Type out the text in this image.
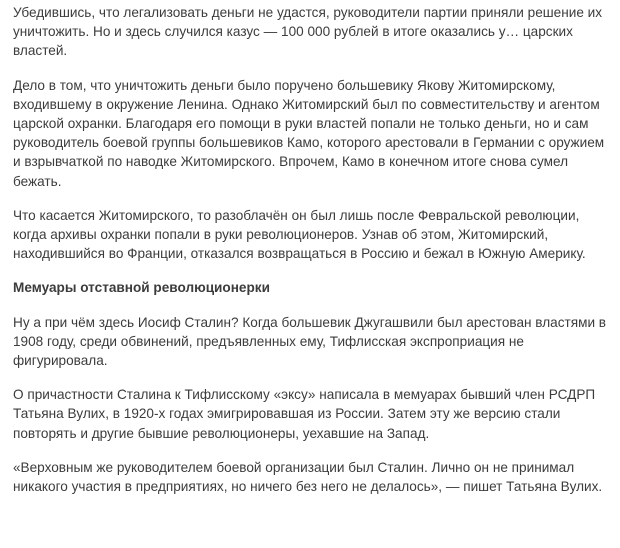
Убедившись, что легализовать деньги не удастся, руководители партии приняли решение их уничтожить. Но и здесь случился казус — 100 000 рублей в итоге оказались у… царских властей.

Дело в том, что уничтожить деньги было поручено большевику Якову Житомирскому, входившему в окружение Ленина. Однако Житомирский был по совместительству и агентом царской охранки. Благодаря его помощи в руки властей попали не только деньги, но и сам руководитель боевой группы большевиков Камо, которого арестовали в Германии с оружием и взрывчаткой по наводке Житомирского. Впрочем, Камо в конечном итоге снова сумел бежать.

Что касается Житомирского, то разоблачён он был лишь после Февральской революции, когда архивы охранки попали в руки революционеров. Узнав об этом, Житомирский, находившийся во Франции, отказался возвращаться в Россию и бежал в Южную Америку.

Мемуары отставной революционерки

Ну а при чём здесь Иосиф Сталин? Когда большевик Джугашвили был арестован властями в 1908 году, среди обвинений, предъявленных ему, Тифлисская экспроприация не фигурировала.

О причастности Сталина к Тифлисскому «эксу» написала в мемуарах бывший член РСДРП Татьяна Вулих, в 1920-х годах эмигрировавшая из России. Затем эту же версию стали повторять и другие бывшие революционеры, уехавшие на Запад.

«Верховным же руководителем боевой организации был Сталин. Лично он не принимал никакого участия в предприятиях, но ничего без него не делалось», — пишет Татьяна Вулих.
